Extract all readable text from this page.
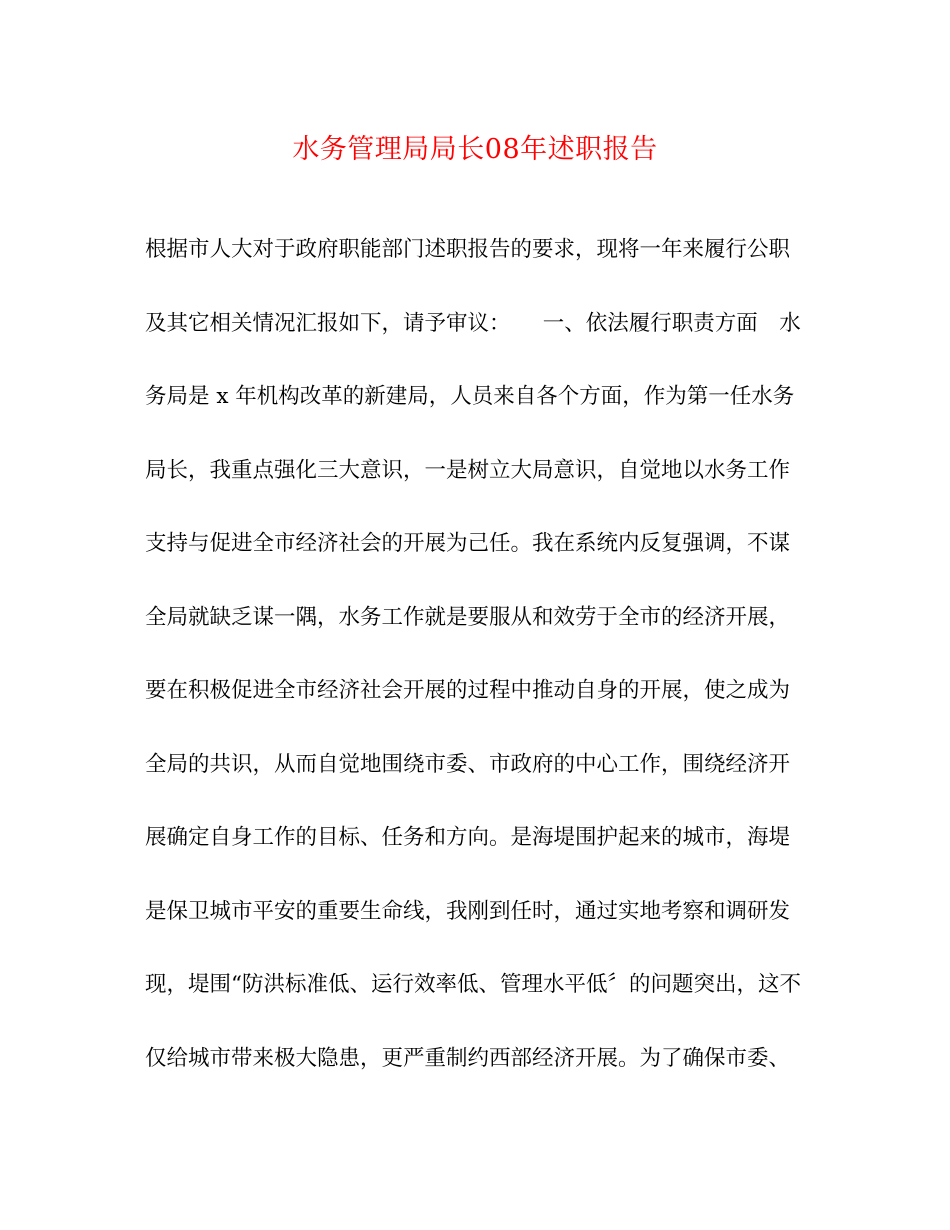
水务管理局局长08年述职报告
根据市人大对于政府职能部门述职报告的要求，现将一年来履行公职
及其它相关情况汇报如下，请予审议：　　一、依法履行职责方面　水
务局是 x 年机构改革的新建局，人员来自各个方面，作为第一任水务
局长，我重点强化三大意识，一是树立大局意识，自觉地以水务工作
支持与促进全市经济社会的开展为己任。我在系统内反复强调，不谋
全局就缺乏谋一隅，水务工作就是要服从和效劳于全市的经济开展，
要在积极促进全市经济社会开展的过程中推动自身的开展，使之成为
全局的共识，从而自觉地围绕市委、市政府的中心工作，围绕经济开
展确定自身工作的目标、任务和方向。是海堤围护起来的城市，海堤
是保卫城市平安的重要生命线，我刚到任时，通过实地考察和调研发
现，堤围“防洪标准低、运行效率低、管理水平低〞的问题突出，这不
仅给城市带来极大隐患，更严重制约西部经济开展。为了确保市委、
